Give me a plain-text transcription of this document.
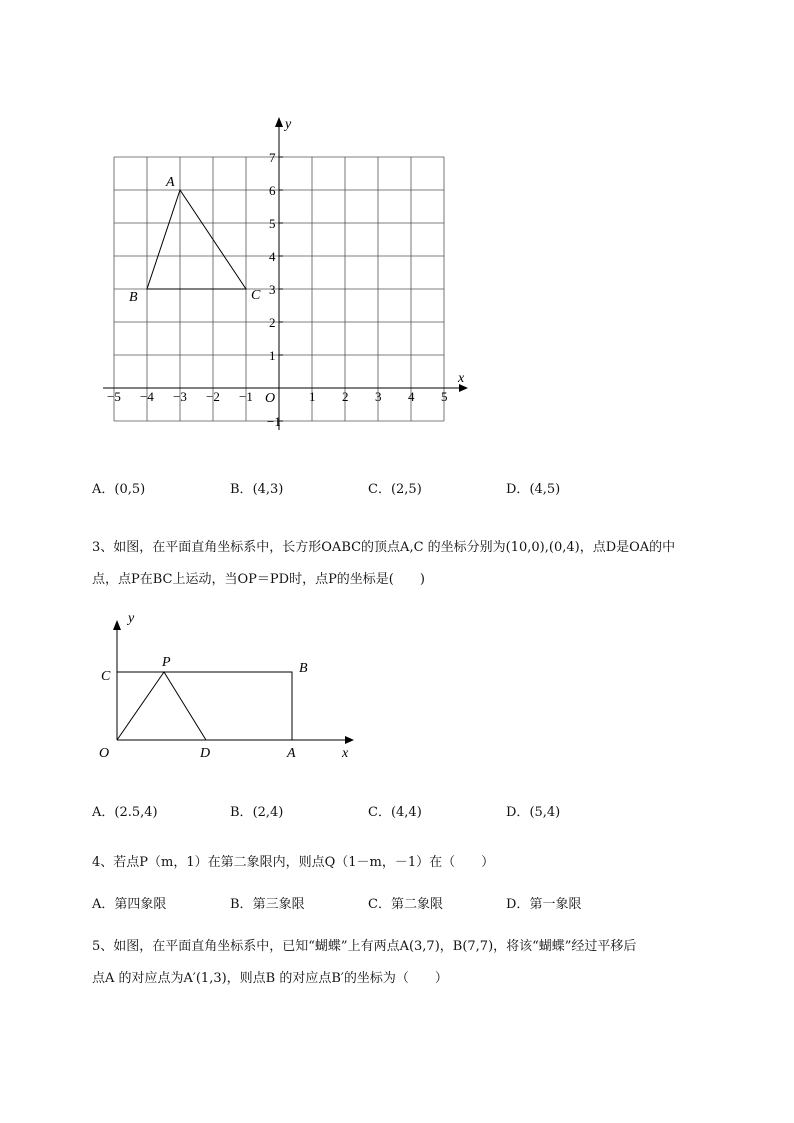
−5 −4 −3 −2 −1	1 2 3 4 5
7
6
5
4
3
2
1
−1
x
y
O
A
B	C
A．(0,5)	B．(4,3)	C．(2,5)	D．(4,5)
3、如图，在平面直角坐标系中，长方形OABC的顶点A,C 的坐标分别为(10,0),(0,4)，点D是OA的中
点，点P在BC上运动，当OP＝PD时，点P的坐标是(　　)
y
x
O
C
P	B
D	A
A．(2.5,4)	B．(2,4)	C．(4,4)	D．(5,4)
4、若点P（m，1）在第二象限内，则点Q（1－m，－1）在（　　）
A．第四象限	B．第三象限	C．第二象限	D．第一象限
5、如图，在平面直角坐标系中，已知“蝴蝶”上有两点A(3,7)，B(7,7)，将该“蝴蝶”经过平移后
点A 的对应点为A′(1,3)，则点B 的对应点B′的坐标为（　　）
